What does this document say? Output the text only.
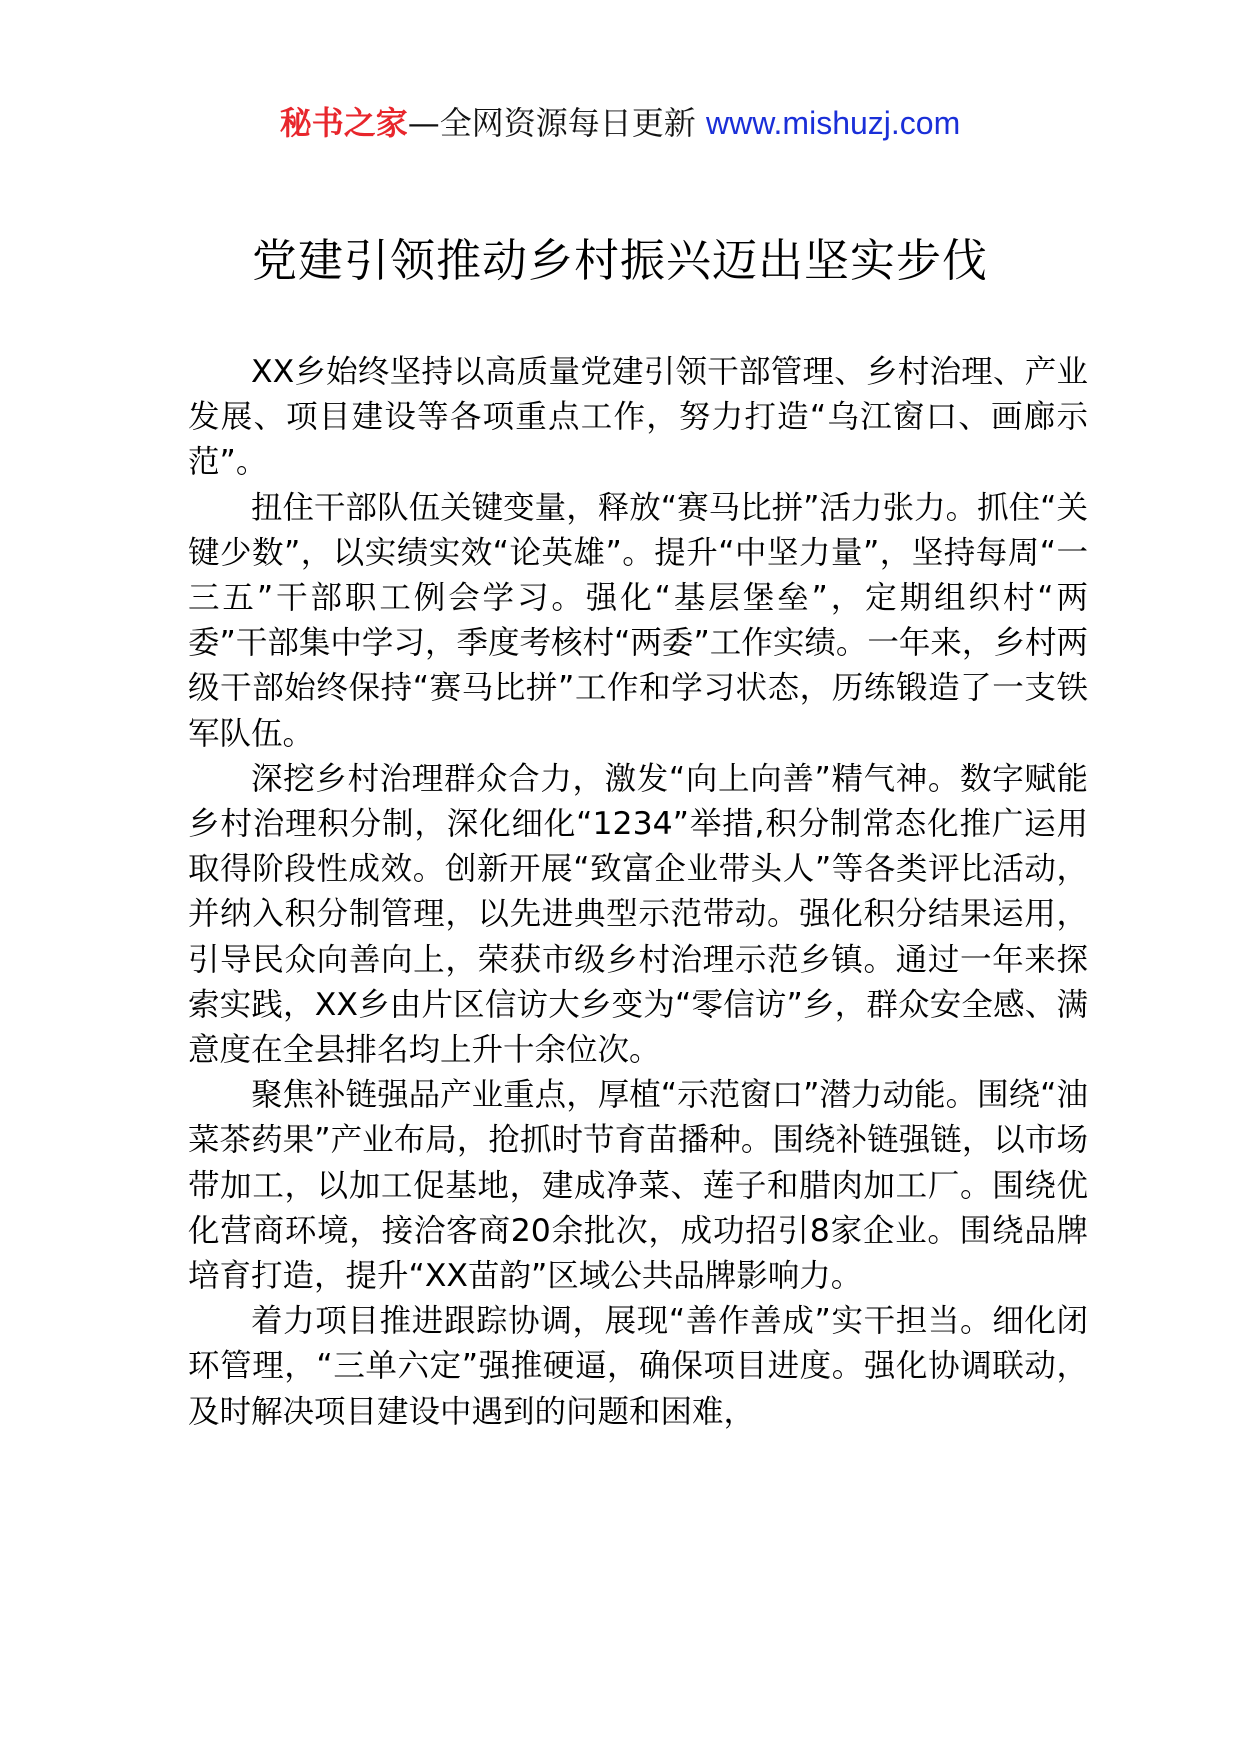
秘书之家—全网资源每日更新 www.mishuzj.com
党建引领推动乡村振兴迈出坚实步伐

XX乡始终坚持以高质量党建引领干部管理、乡村治理、产业发展、项目建设等各项重点工作，努力打造“乌江窗口、画廊示范”。

扭住干部队伍关键变量，释放“赛马比拼”活力张力。抓住“关键少数”，以实绩实效“论英雄”。提升“中坚力量”，坚持每周“一三五”干部职工例会学习。强化“基层堡垒”，定期组织村“两委”干部集中学习，季度考核村“两委”工作实绩。一年来，乡村两级干部始终保持“赛马比拼”工作和学习状态，历练锻造了一支铁军队伍。

深挖乡村治理群众合力，激发“向上向善”精气神。数字赋能乡村治理积分制，深化细化“1234”举措,积分制常态化推广运用取得阶段性成效。创新开展“致富企业带头人”等各类评比活动，并纳入积分制管理，以先进典型示范带动。强化积分结果运用，引导民众向善向上，荣获市级乡村治理示范乡镇。通过一年来探索实践，XX乡由片区信访大乡变为“零信访”乡，群众安全感、满意度在全县排名均上升十余位次。

聚焦补链强品产业重点，厚植“示范窗口”潜力动能。围绕“油菜茶药果”产业布局，抢抓时节育苗播种。围绕补链强链，以市场带加工，以加工促基地，建成净菜、莲子和腊肉加工厂。围绕优化营商环境，接洽客商20余批次，成功招引8家企业。围绕品牌培育打造，提升“XX苗韵”区域公共品牌影响力。

着力项目推进跟踪协调，展现“善作善成”实干担当。细化闭环管理，“三单六定”强推硬逼，确保项目进度。强化协调联动，及时解决项目建设中遇到的问题和困难，
